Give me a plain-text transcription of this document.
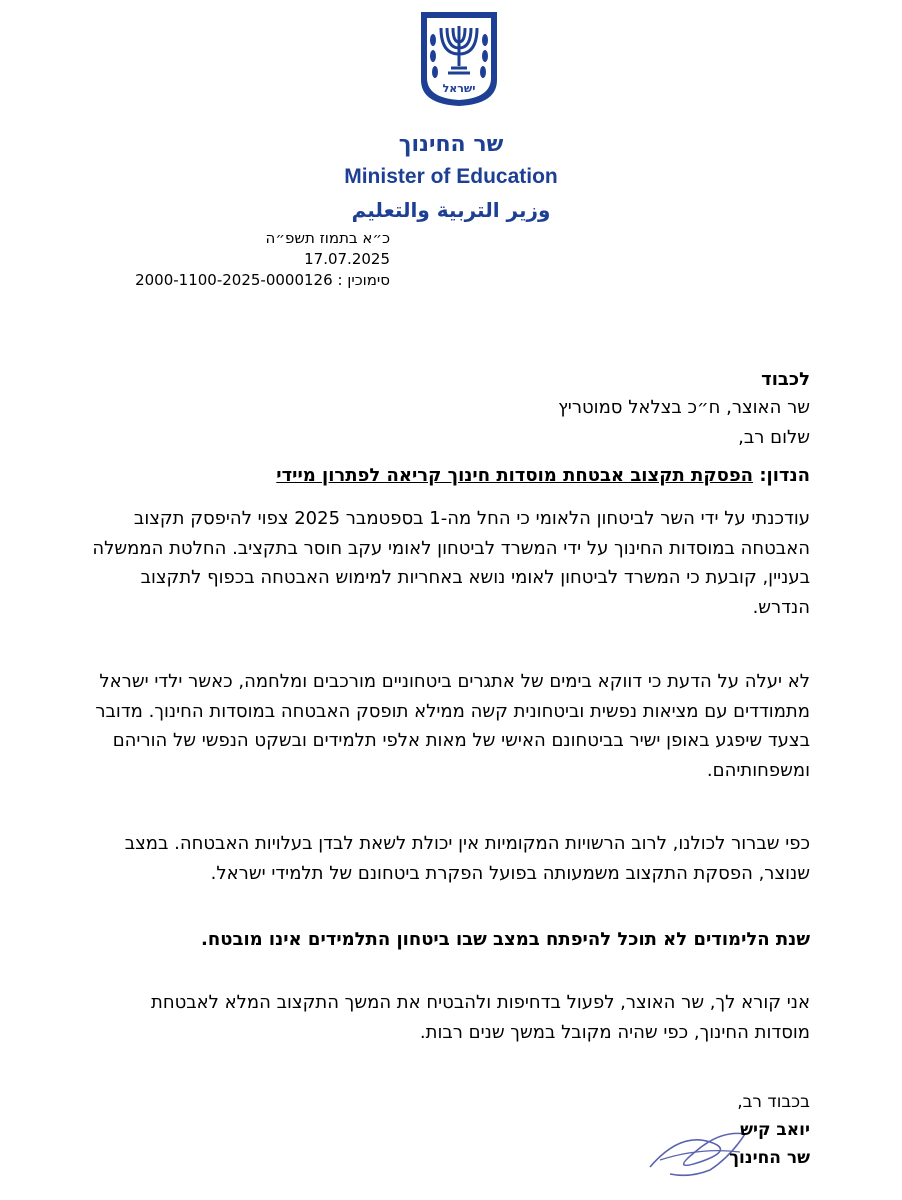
ישראל
שר החינוך
Minister of Education
وزير التربية والتعليم
כ״א בתמוז תשפ״ה
17.07.2025
סימוכין : 2000-1100-2025-0000126
לכבוד
שר האוצר, ח״כ בצלאל סמוטריץ
שלום רב,
הנדון: הפסקת תקצוב אבטחת מוסדות חינוך קריאה לפתרון מיידי
עודכנתי על ידי השר לביטחון הלאומי כי החל מה-1 בספטמבר 2025 צפוי להיפסק תקצוב האבטחה במוסדות החינוך על ידי המשרד לביטחון לאומי עקב חוסר בתקציב. החלטת הממשלה בעניין, קובעת כי המשרד לביטחון לאומי נושא באחריות למימוש האבטחה בכפוף לתקצוב הנדרש.
לא יעלה על הדעת כי דווקא בימים של אתגרים ביטחוניים מורכבים ומלחמה, כאשר ילדי ישראל מתמודדים עם מציאות נפשית וביטחונית קשה ממילא תופסק האבטחה במוסדות החינוך. מדובר בצעד שיפגע באופן ישיר בביטחונם האישי של מאות אלפי תלמידים ובשקט הנפשי של הוריהם ומשפחותיהם.
כפי שברור לכולנו, לרוב הרשויות המקומיות אין יכולת לשאת לבדן בעלויות האבטחה. במצב שנוצר, הפסקת התקצוב משמעותה בפועל הפקרת ביטחונם של תלמידי ישראל.
שנת הלימודים לא תוכל להיפתח במצב שבו ביטחון התלמידים אינו מובטח.
אני קורא לך, שר האוצר, לפעול בדחיפות ולהבטיח את המשך התקצוב המלא לאבטחת מוסדות החינוך, כפי שהיה מקובל במשך שנים רבות.
בכבוד רב,
יואב קיש
שר החינוך
